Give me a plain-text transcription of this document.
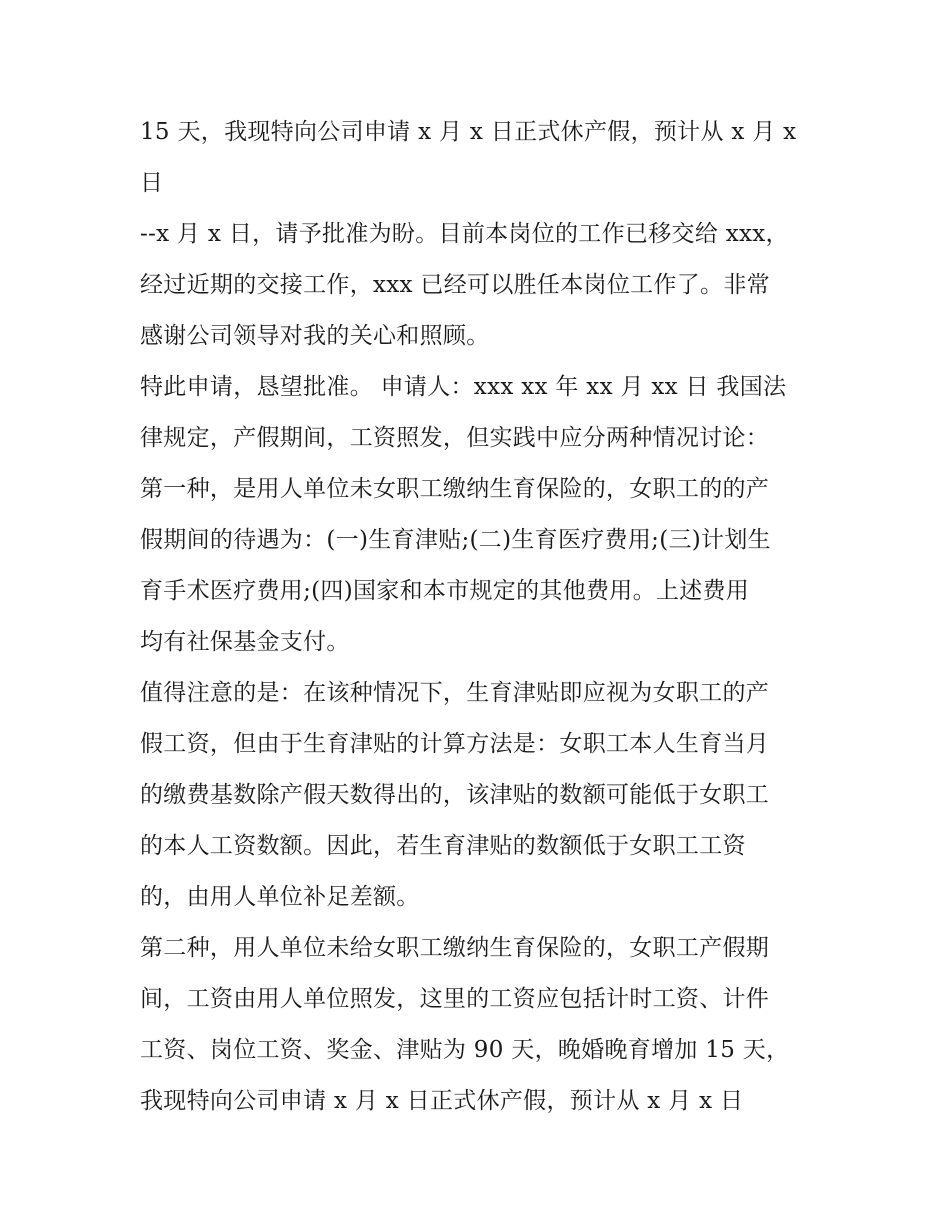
15 天，我现特向公司申请 x 月 x 日正式休产假，预计从 x 月 x
日
--x 月 x 日，请予批准为盼。目前本岗位的工作已移交给 xxx，
经过近期的交接工作，xxx 已经可以胜任本岗位工作了。非常
感谢公司领导对我的关心和照顾。
特此申请，恳望批准。 申请人：xxx xx 年 xx 月 xx 日 我国法
律规定，产假期间，工资照发，但实践中应分两种情况讨论：
第一种，是用人单位未女职工缴纳生育保险的，女职工的的产
假期间的待遇为：(一)生育津贴;(二)生育医疗费用;(三)计划生
育手术医疗费用;(四)国家和本市规定的其他费用。上述费用
均有社保基金支付。
值得注意的是：在该种情况下，生育津贴即应视为女职工的产
假工资，但由于生育津贴的计算方法是：女职工本人生育当月
的缴费基数除产假天数得出的，该津贴的数额可能低于女职工
的本人工资数额。因此，若生育津贴的数额低于女职工工资
的，由用人单位补足差额。
第二种，用人单位未给女职工缴纳生育保险的，女职工产假期
间，工资由用人单位照发，这里的工资应包括计时工资、计件
工资、岗位工资、奖金、津贴为 90 天，晚婚晚育增加 15 天，
我现特向公司申请 x 月 x 日正式休产假，预计从 x 月 x 日
